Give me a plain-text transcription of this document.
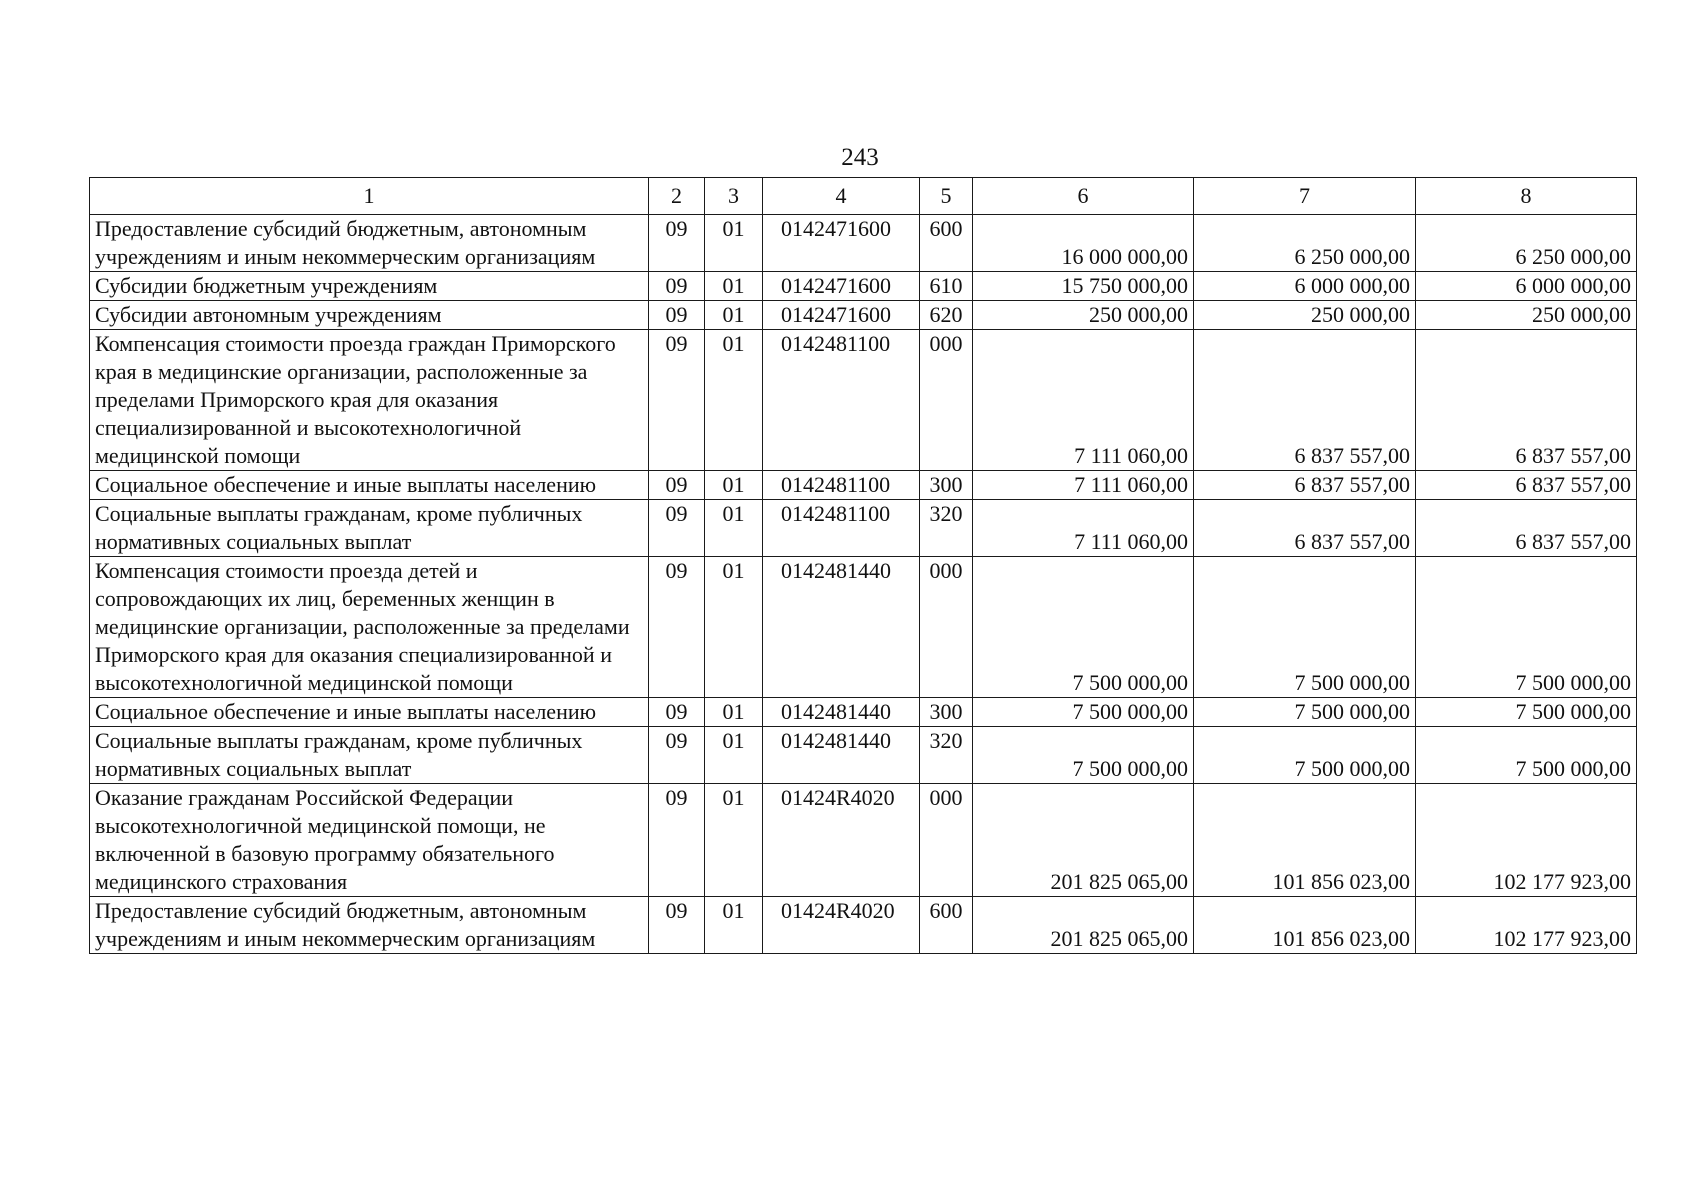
243
1	2	3	4	5	6	7	8
Предоставление субсидий бюджетным, автономным учреждениям и иным некоммерческим организациям	09	01	0142471600	600	16 000 000,00	6 250 000,00	6 250 000,00
Субсидии бюджетным учреждениям	09	01	0142471600	610	15 750 000,00	6 000 000,00	6 000 000,00
Субсидии автономным учреждениям	09	01	0142471600	620	250 000,00	250 000,00	250 000,00
Компенсация стоимости проезда граждан Приморского края в медицинские организации, расположенные за пределами Приморского края для оказания специализированной и высокотехнологичной медицинской помощи	09	01	0142481100	000	7 111 060,00	6 837 557,00	6 837 557,00
Социальное обеспечение и иные выплаты населению	09	01	0142481100	300	7 111 060,00	6 837 557,00	6 837 557,00
Социальные выплаты гражданам, кроме публичных нормативных социальных выплат	09	01	0142481100	320	7 111 060,00	6 837 557,00	6 837 557,00
Компенсация стоимости проезда детей и сопровождающих их лиц, беременных женщин в медицинские организации, расположенные за пределами Приморского края для оказания специализированной и высокотехнологичной медицинской помощи	09	01	0142481440	000	7 500 000,00	7 500 000,00	7 500 000,00
Социальное обеспечение и иные выплаты населению	09	01	0142481440	300	7 500 000,00	7 500 000,00	7 500 000,00
Социальные выплаты гражданам, кроме публичных нормативных социальных выплат	09	01	0142481440	320	7 500 000,00	7 500 000,00	7 500 000,00
Оказание гражданам Российской Федерации высокотехнологичной медицинской помощи, не включенной в базовую программу обязательного медицинского страхования	09	01	01424R4020	000	201 825 065,00	101 856 023,00	102 177 923,00
Предоставление субсидий бюджетным, автономным учреждениям и иным некоммерческим организациям	09	01	01424R4020	600	201 825 065,00	101 856 023,00	102 177 923,00
